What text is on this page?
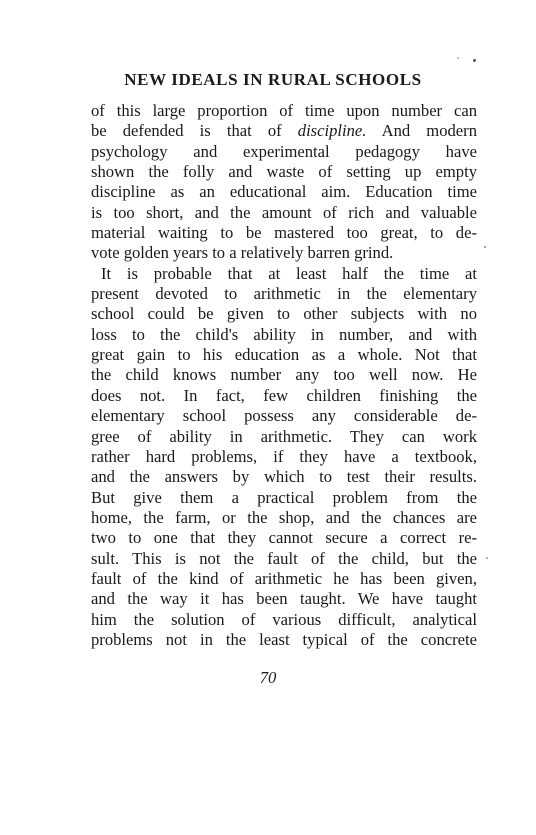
NEW IDEALS IN RURAL SCHOOLS
of this large proportion of time upon number can
be defended is that of discipline. And modern
psychology and experimental pedagogy have
shown the folly and waste of setting up empty
discipline as an educational aim. Education time
is too short, and the amount of rich and valuable
material waiting to be mastered too great, to de-
vote golden years to a relatively barren grind.
It is probable that at least half the time at
present devoted to arithmetic in the elementary
school could be given to other subjects with no
loss to the child's ability in number, and with
great gain to his education as a whole. Not that
the child knows number any too well now. He
does not. In fact, few children finishing the
elementary school possess any considerable de-
gree of ability in arithmetic. They can work
rather hard problems, if they have a textbook,
and the answers by which to test their results.
But give them a practical problem from the
home, the farm, or the shop, and the chances are
two to one that they cannot secure a correct re-
sult. This is not the fault of the child, but the
fault of the kind of arithmetic he has been given,
and the way it has been taught. We have taught
him the solution of various difficult, analytical
problems not in the least typical of the concrete
70
